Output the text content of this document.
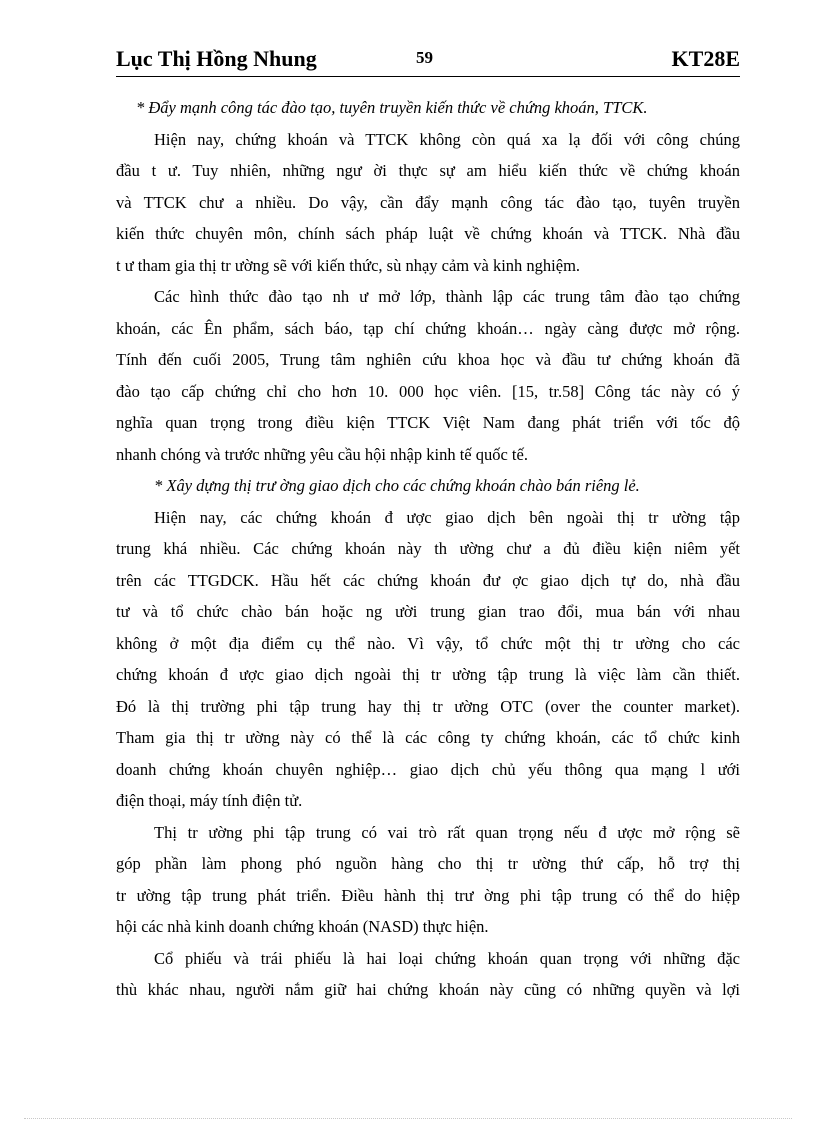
Lục Thị Hồng Nhung	59	KT28E
* Đẩy mạnh công tác đào tạo, tuyên truyền kiến thức về chứng khoán, TTCK.
Hiện nay, chứng khoán và TTCK không còn quá xa lạ đối với công chúng
đầu t ư. Tuy nhiên, những ngư ời thực sự am hiểu kiến thức về chứng khoán
và TTCK chư a nhiều. Do vậy, cần đẩy mạnh công tác đào tạo, tuyên truyền
kiến thức chuyên môn, chính sách pháp luật về chứng khoán và TTCK. Nhà đầu
t ư tham gia thị tr ường sẽ với kiến thức, sù nhạy cảm và kinh nghiệm.
Các hình thức đào tạo nh ư mở lớp, thành lập các trung tâm đào tạo chứng
khoán, các Ên phẩm, sách báo, tạp chí chứng khoán… ngày càng được mở rộng.
Tính đến cuối 2005, Trung tâm nghiên cứu khoa học và đầu tư chứng khoán đã
đào tạo cấp chứng chỉ cho hơn 10. 000 học viên. [15, tr.58] Công tác này có ý
nghĩa quan trọng trong điều kiện TTCK Việt Nam đang phát triển với tốc độ
nhanh chóng và trước những yêu cầu hội nhập kinh tế quốc tế.
* Xây dựng thị trư ờng giao dịch cho các chứng khoán chào bán riêng lẻ.
Hiện nay, các chứng khoán đ ược giao dịch bên ngoài thị tr ường tập
trung khá nhiều. Các chứng khoán này th ường chư a đủ điều kiện niêm yết
trên các TTGDCK. Hầu hết các chứng khoán đư ợc giao dịch tự do, nhà đầu
tư và tổ chức chào bán hoặc ng ười trung gian trao đổi, mua bán với nhau
không ở một địa điểm cụ thể nào. Vì vậy, tổ chức một thị tr ường cho các
chứng khoán đ ược giao dịch ngoài thị tr ường tập trung là việc làm cần thiết.
Đó là thị trường phi tập trung hay thị tr ường OTC (over the counter market).
Tham gia thị tr ường này có thể là các công ty chứng khoán, các tổ chức kinh
doanh chứng khoán chuyên nghiệp… giao dịch chủ yếu thông qua mạng l ưới
điện thoại, máy tính điện tử.
Thị tr ường phi tập trung có vai trò rất quan trọng nếu đ ược mở rộng sẽ
góp phần làm phong phó nguồn hàng cho thị tr ường thứ cấp, hỗ trợ thị
tr ường tập trung phát triển. Điều hành thị trư ờng phi tập trung có thể do hiệp
hội các nhà kinh doanh chứng khoán (NASD) thực hiện.
Cổ phiếu và trái phiếu là hai loại chứng khoán quan trọng với những đặc
thù khác nhau, người nắm giữ hai chứng khoán này cũng có những quyền và lợi
